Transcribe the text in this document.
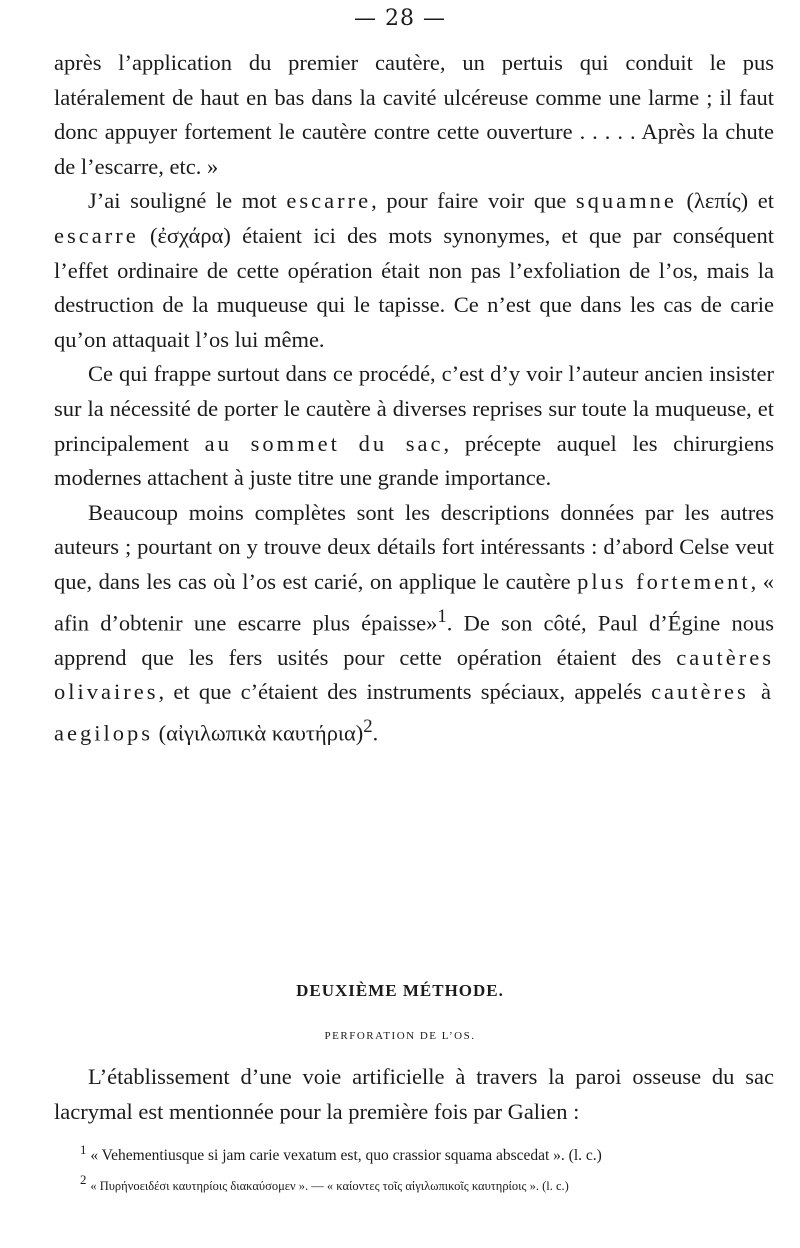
— 28 —

après l’application du premier cautère, un pertuis qui conduit le pus latéralement de haut en bas dans la cavité ulcéreuse comme une larme ; il faut donc appuyer fortement le cautère contre cette ouverture . . . . . Après la chute de l’escarre, etc. »

J’ai souligné le mot escarre, pour faire voir que squamne (λεπίς) et escarre (ἐσχάρα) étaient ici des mots synonymes, et que par conséquent l’effet ordinaire de cette opération était non pas l’exfoliation de l’os, mais la destruction de la muqueuse qui le tapisse. Ce n’est que dans les cas de carie qu’on attaquait l’os lui même.

Ce qui frappe surtout dans ce procédé, c’est d’y voir l’auteur ancien insister sur la nécessité de porter le cautère à diverses reprises sur toute la muqueuse, et principalement au sommet du sac, précepte auquel les chirurgiens modernes attachent à juste titre une grande importance.

Beaucoup moins complètes sont les descriptions données par les autres auteurs ; pourtant on y trouve deux détails fort intéressants : d’abord Celse veut que, dans les cas où l’os est carié, on applique le cautère plus fortement, « afin d’obtenir une escarre plus épaisse»$^1$. De son côté, Paul d’Égine nous apprend que les fers usités pour cette opération étaient des cautères olivaires, et que c’étaient des instruments spéciaux, appelés cautères à aegilops (αἰγιλωπικὰ καυτήρια)$^2$.

DEUXIÈME MÉTHODE.
PERFORATION DE L’OS.

L’établissement d’une voie artificielle à travers la paroi osseuse du sac lacrymal est mentionnée pour la première fois par Galien :

$^1$ « Vehementiusque si jam carie vexatum est, quo crassior squama abscedat ». (l. c.)

$^2$ « Πυρήνοειδέσι καυτηρίοις διακαύσομεν ». — « καίοντες τοῖς αἰγιλωπικοῖς καυτηρίοις ». (l. c.)
